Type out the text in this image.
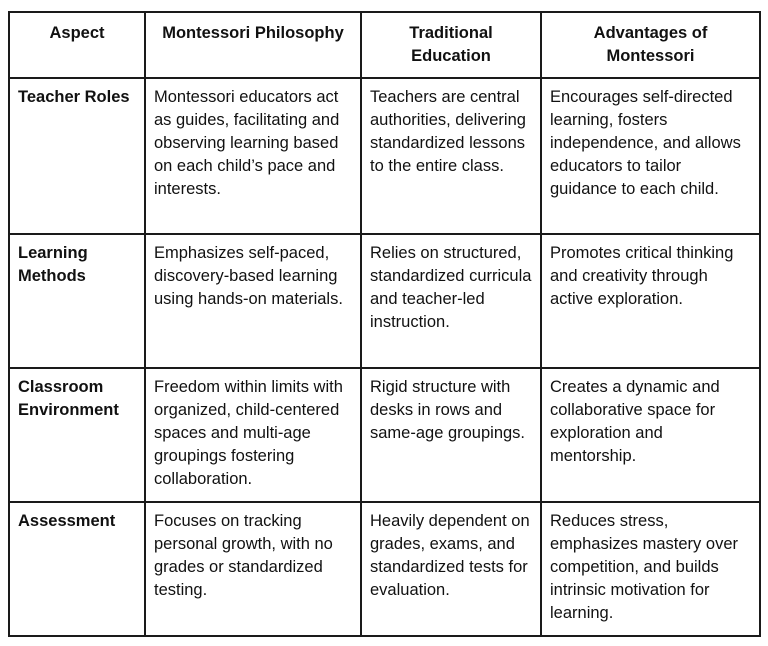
Aspect	Montessori Philosophy	Traditional Education	Advantages of Montessori
Teacher Roles	Montessori educators act as guides, facilitating and observing learning based on each child’s pace and interests.	Teachers are central authorities, delivering standardized lessons to the entire class.	Encourages self-directed learning, fosters independence, and allows educators to tailor guidance to each child.
Learning Methods	Emphasizes self-paced, discovery-based learning using hands-on materials.	Relies on structured, standardized curricula and teacher-led instruction.	Promotes critical thinking and creativity through active exploration.
Classroom Environment	Freedom within limits with organized, child-centered spaces and multi-age groupings fostering collaboration.	Rigid structure with desks in rows and same-age groupings.	Creates a dynamic and collaborative space for exploration and mentorship.
Assessment	Focuses on tracking personal growth, with no grades or standardized testing.	Heavily dependent on grades, exams, and standardized tests for evaluation.	Reduces stress, emphasizes mastery over competition, and builds intrinsic motivation for learning.
